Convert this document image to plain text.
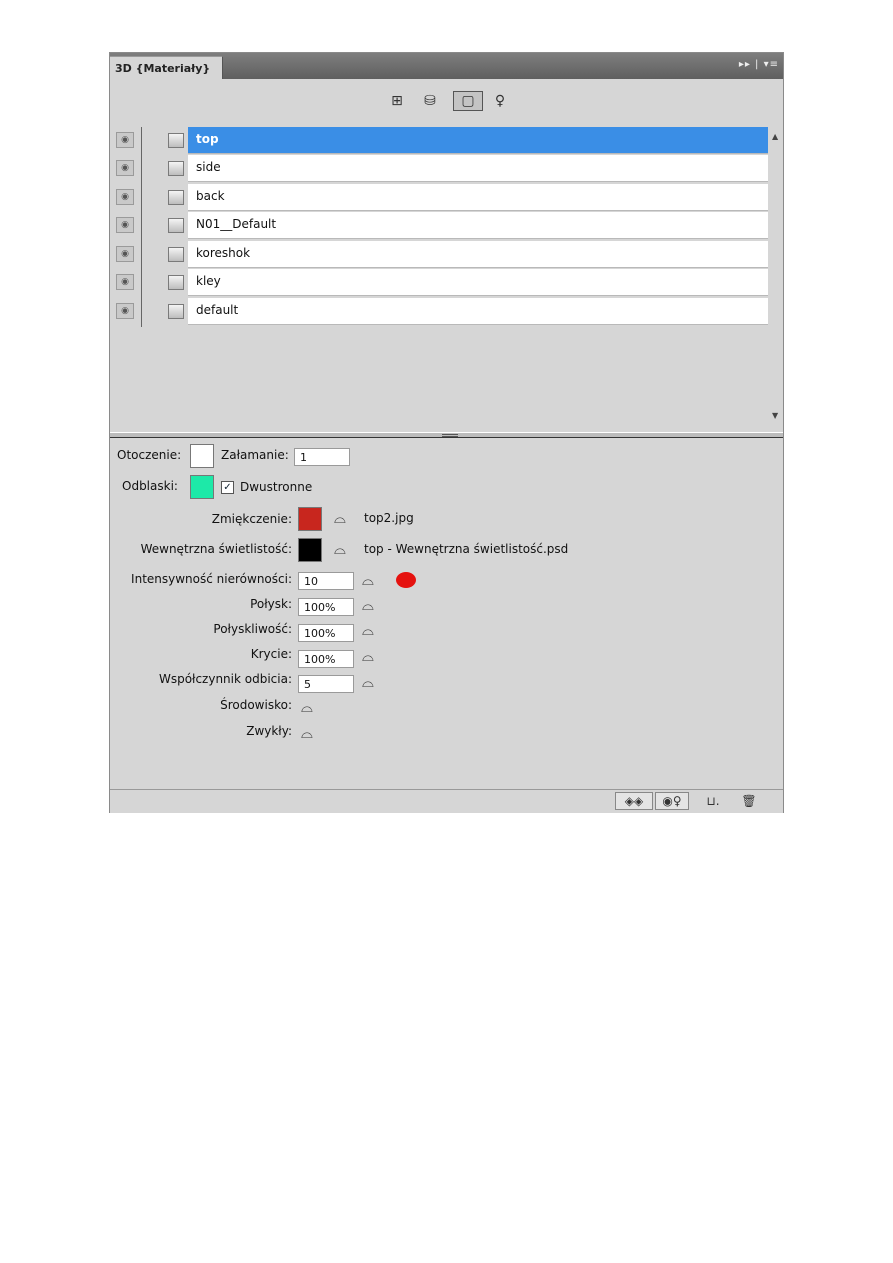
3D {Materiały}	▸▸ | ▾≡
⊞ ⛁	▢	♀
◉	top
◉	side
◉	back
◉	N01__Default
◉	koreshok
◉	kley
◉	default
▲
▼
Otoczenie:	Załamanie:	1
Odblaski:	✓ Dwustronne
Zmiękczenie:	⌓	top2.jpg
Wewnętrzna świetlistość:	⌓	top - Wewnętrzna świetlistość.psd
Intensywność nierówności:	10	⌓
Połysk:	100%	⌓
Połyskliwość:	100%	⌓
Krycie:	100%	⌓
Współczynnik odbicia:	5	⌓
Środowisko: ⌓
Zwykły: ⌓
◈◈	◉♀	⊔.	🗑
